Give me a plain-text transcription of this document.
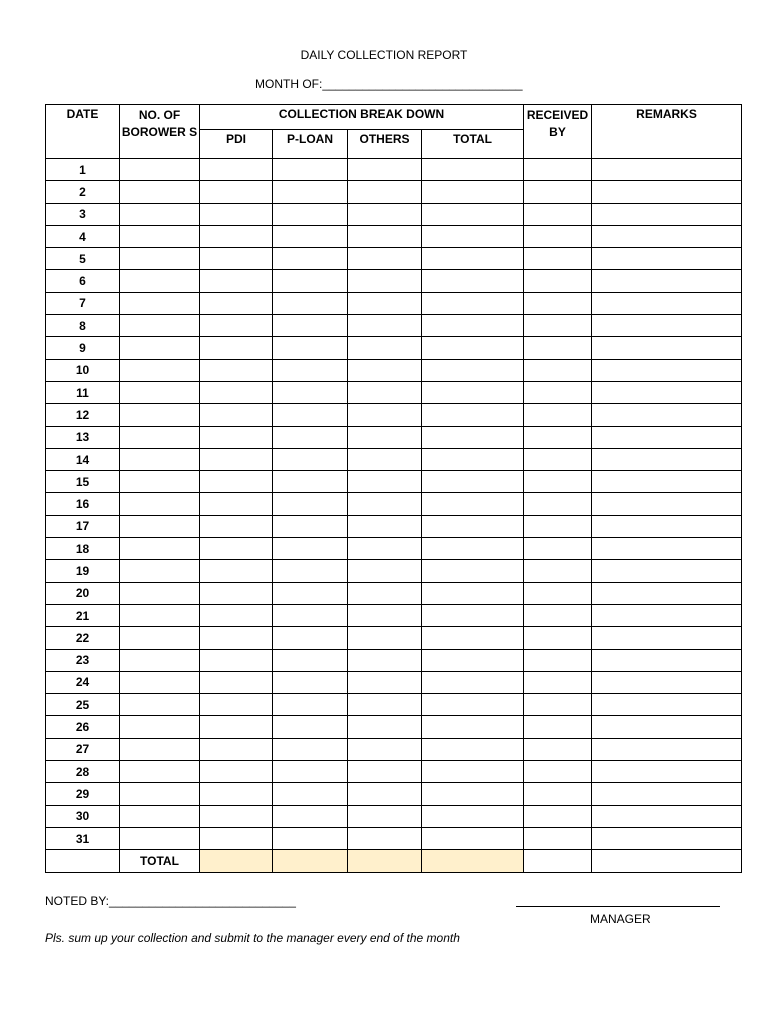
DAILY COLLECTION REPORT
MONTH OF:______________________________
DATE	NO. OF BOROWER S	COLLECTION BREAK DOWN				RECEIVED BY	REMARKS
		PDI	P-LOAN	OTHERS	TOTAL		
1							
2							
3							
4							
5							
6							
7							
8							
9							
10							
11							
12							
13							
14							
15							
16							
17							
18							
19							
20							
21							
22							
23							
24							
25							
26							
27							
28							
29							
30							
31							
	TOTAL						
NOTED BY:____________________________
MANAGER
Pls. sum up your collection and submit to the manager every end of the month
